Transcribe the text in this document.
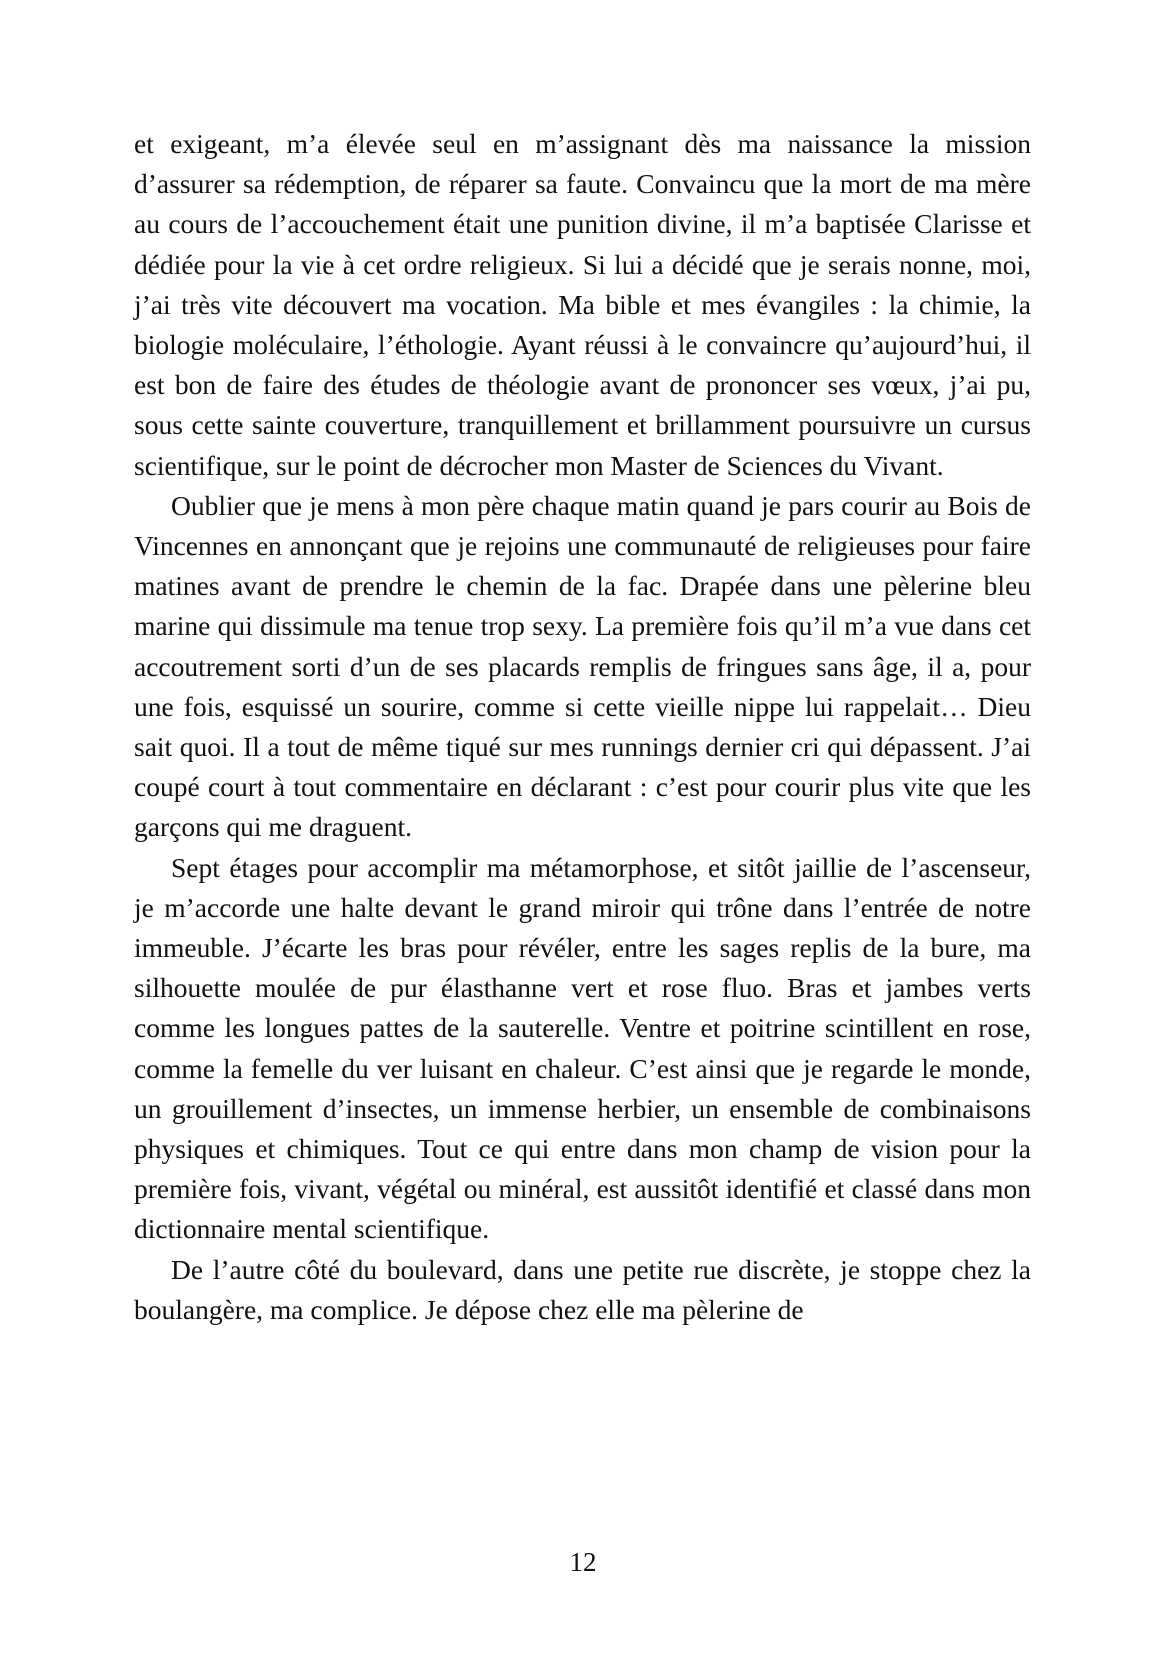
et exigeant, m’a élevée seul en m’assignant dès ma naissance la mission d’assurer sa rédemption, de réparer sa faute. Convaincu que la mort de ma mère au cours de l’accouchement était une punition divine, il m’a baptisée Clarisse et dédiée pour la vie à cet ordre religieux. Si lui a décidé que je serais nonne, moi, j’ai très vite découvert ma vocation. Ma bible et mes évangiles : la chimie, la biologie moléculaire, l’éthologie. Ayant réussi à le convaincre qu’aujourd’hui, il est bon de faire des études de théologie avant de prononcer ses vœux, j’ai pu, sous cette sainte couverture, tranquillement et brillamment poursuivre un cursus scientifique, sur le point de décrocher mon Master de Sciences du Vivant.

Oublier que je mens à mon père chaque matin quand je pars courir au Bois de Vincennes en annonçant que je rejoins une communauté de religieuses pour faire matines avant de prendre le chemin de la fac. Drapée dans une pèlerine bleu marine qui dissimule ma tenue trop sexy. La première fois qu’il m’a vue dans cet accoutrement sorti d’un de ses placards remplis de fringues sans âge, il a, pour une fois, esquissé un sourire, comme si cette vieille nippe lui rappelait… Dieu sait quoi. Il a tout de même tiqué sur mes runnings dernier cri qui dépassent. J’ai coupé court à tout commentaire en déclarant : c’est pour courir plus vite que les garçons qui me draguent.

Sept étages pour accomplir ma métamorphose, et sitôt jaillie de l’ascenseur, je m’accorde une halte devant le grand miroir qui trône dans l’entrée de notre immeuble. J’écarte les bras pour révéler, entre les sages replis de la bure, ma silhouette moulée de pur élasthanne vert et rose fluo. Bras et jambes verts comme les longues pattes de la sauterelle. Ventre et poitrine scintillent en rose, comme la femelle du ver luisant en chaleur. C’est ainsi que je regarde le monde, un grouillement d’insectes, un immense herbier, un ensemble de combinaisons physiques et chimiques. Tout ce qui entre dans mon champ de vision pour la première fois, vivant, végétal ou minéral, est aussitôt identifié et classé dans mon dictionnaire mental scientifique.

De l’autre côté du boulevard, dans une petite rue discrète, je stoppe chez la boulangère, ma complice. Je dépose chez elle ma pèlerine de

12
